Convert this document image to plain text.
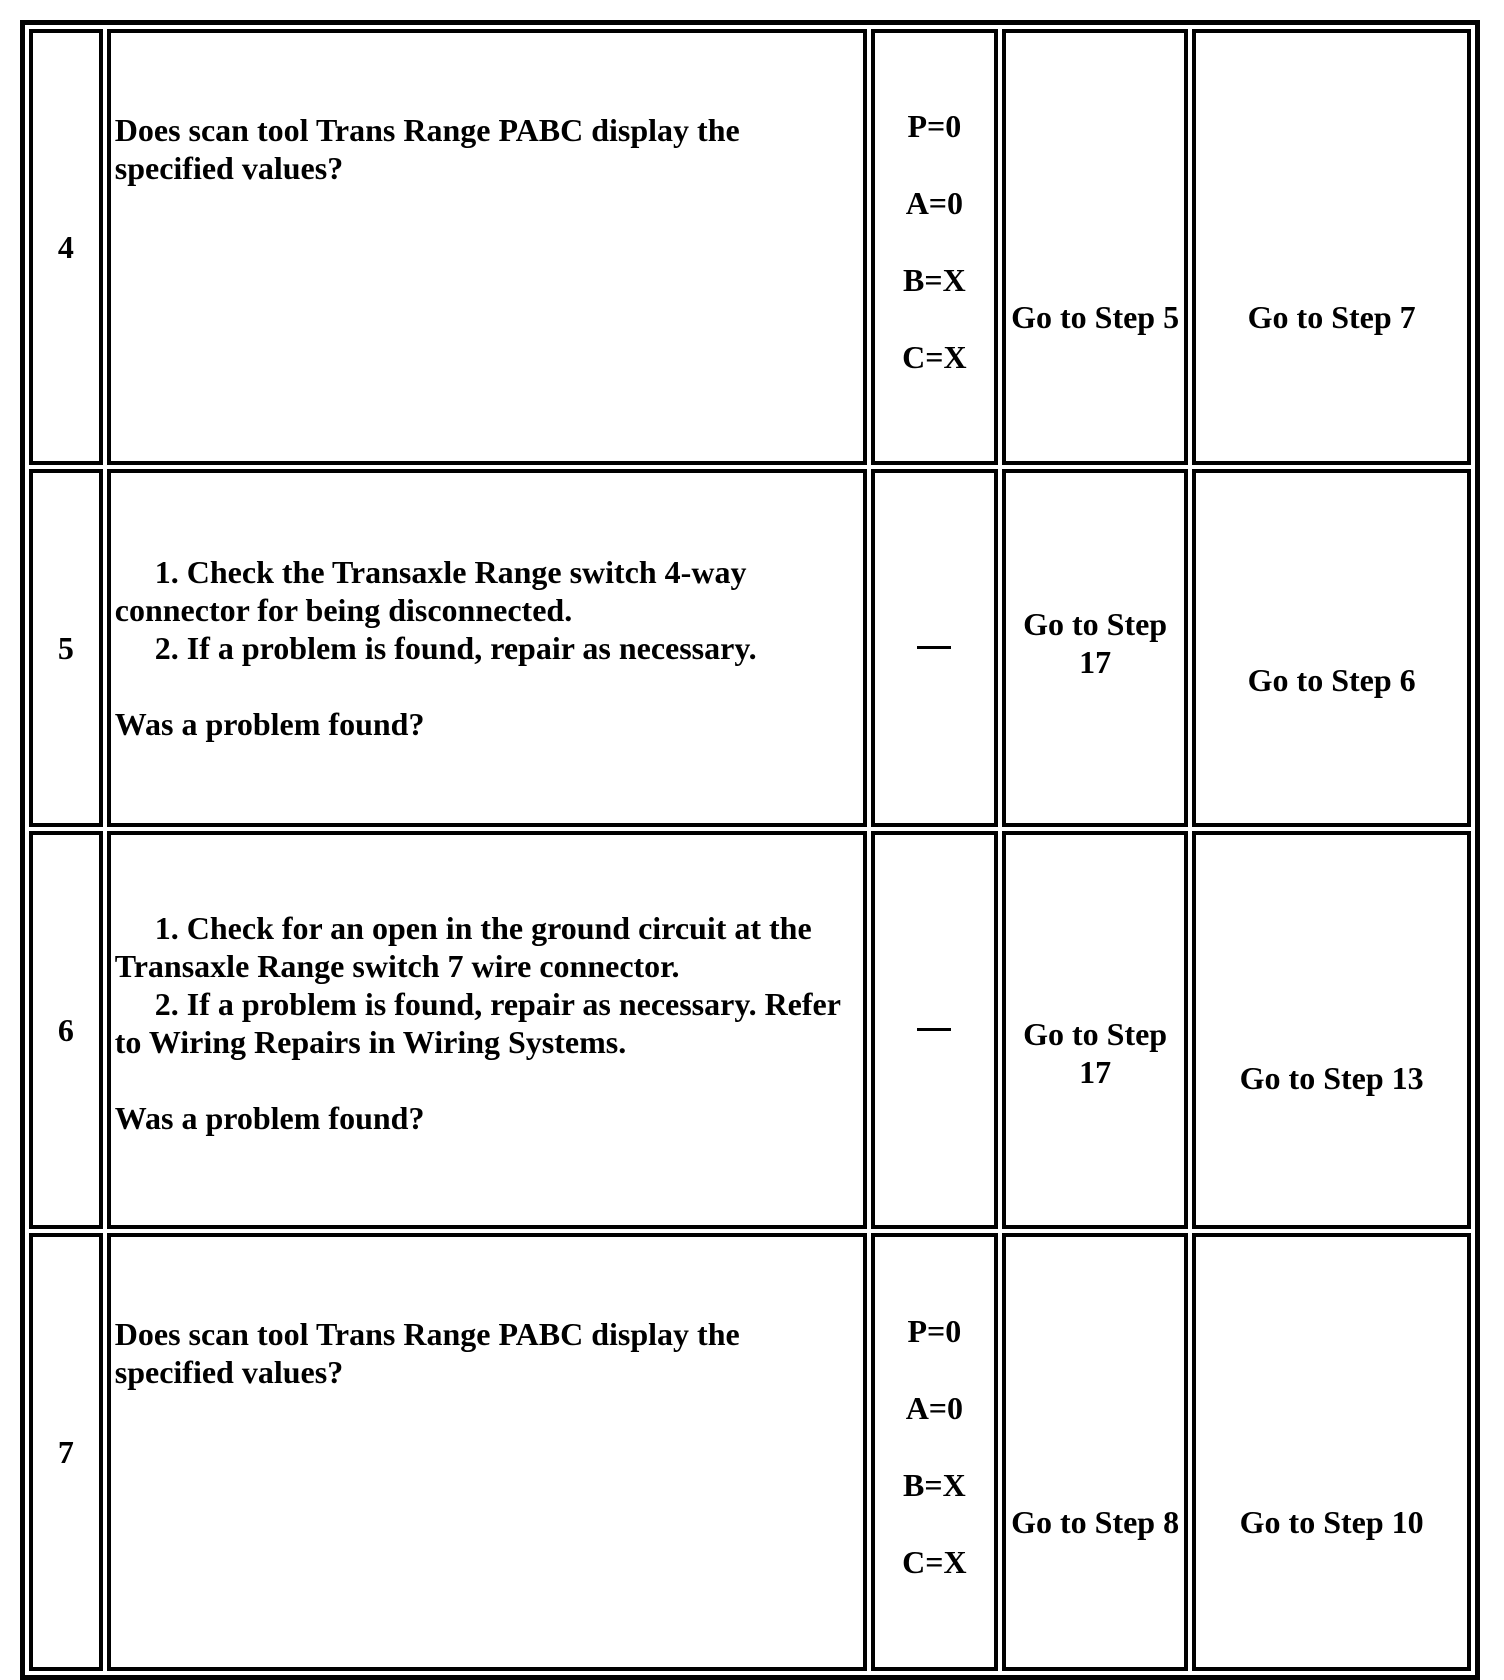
4	Does scan tool Trans Range PABC display the specified values?	P=0
A=0
B=X
C=X	Go to Step 5	Go to Step 7

5	1. Check the Transaxle Range switch 4-way connector for being disconnected.
2. If a problem is found, repair as necessary.
Was a problem found?		Go to Step 17	Go to Step 6

6	1. Check for an open in the ground circuit at the Transaxle Range switch 7 wire connector.
2. If a problem is found, repair as necessary. Refer to Wiring Repairs in Wiring Systems.
Was a problem found?		Go to Step 17	Go to Step 13

7	Does scan tool Trans Range PABC display the specified values?	P=0
A=0
B=X
C=X	Go to Step 8	Go to Step 10
